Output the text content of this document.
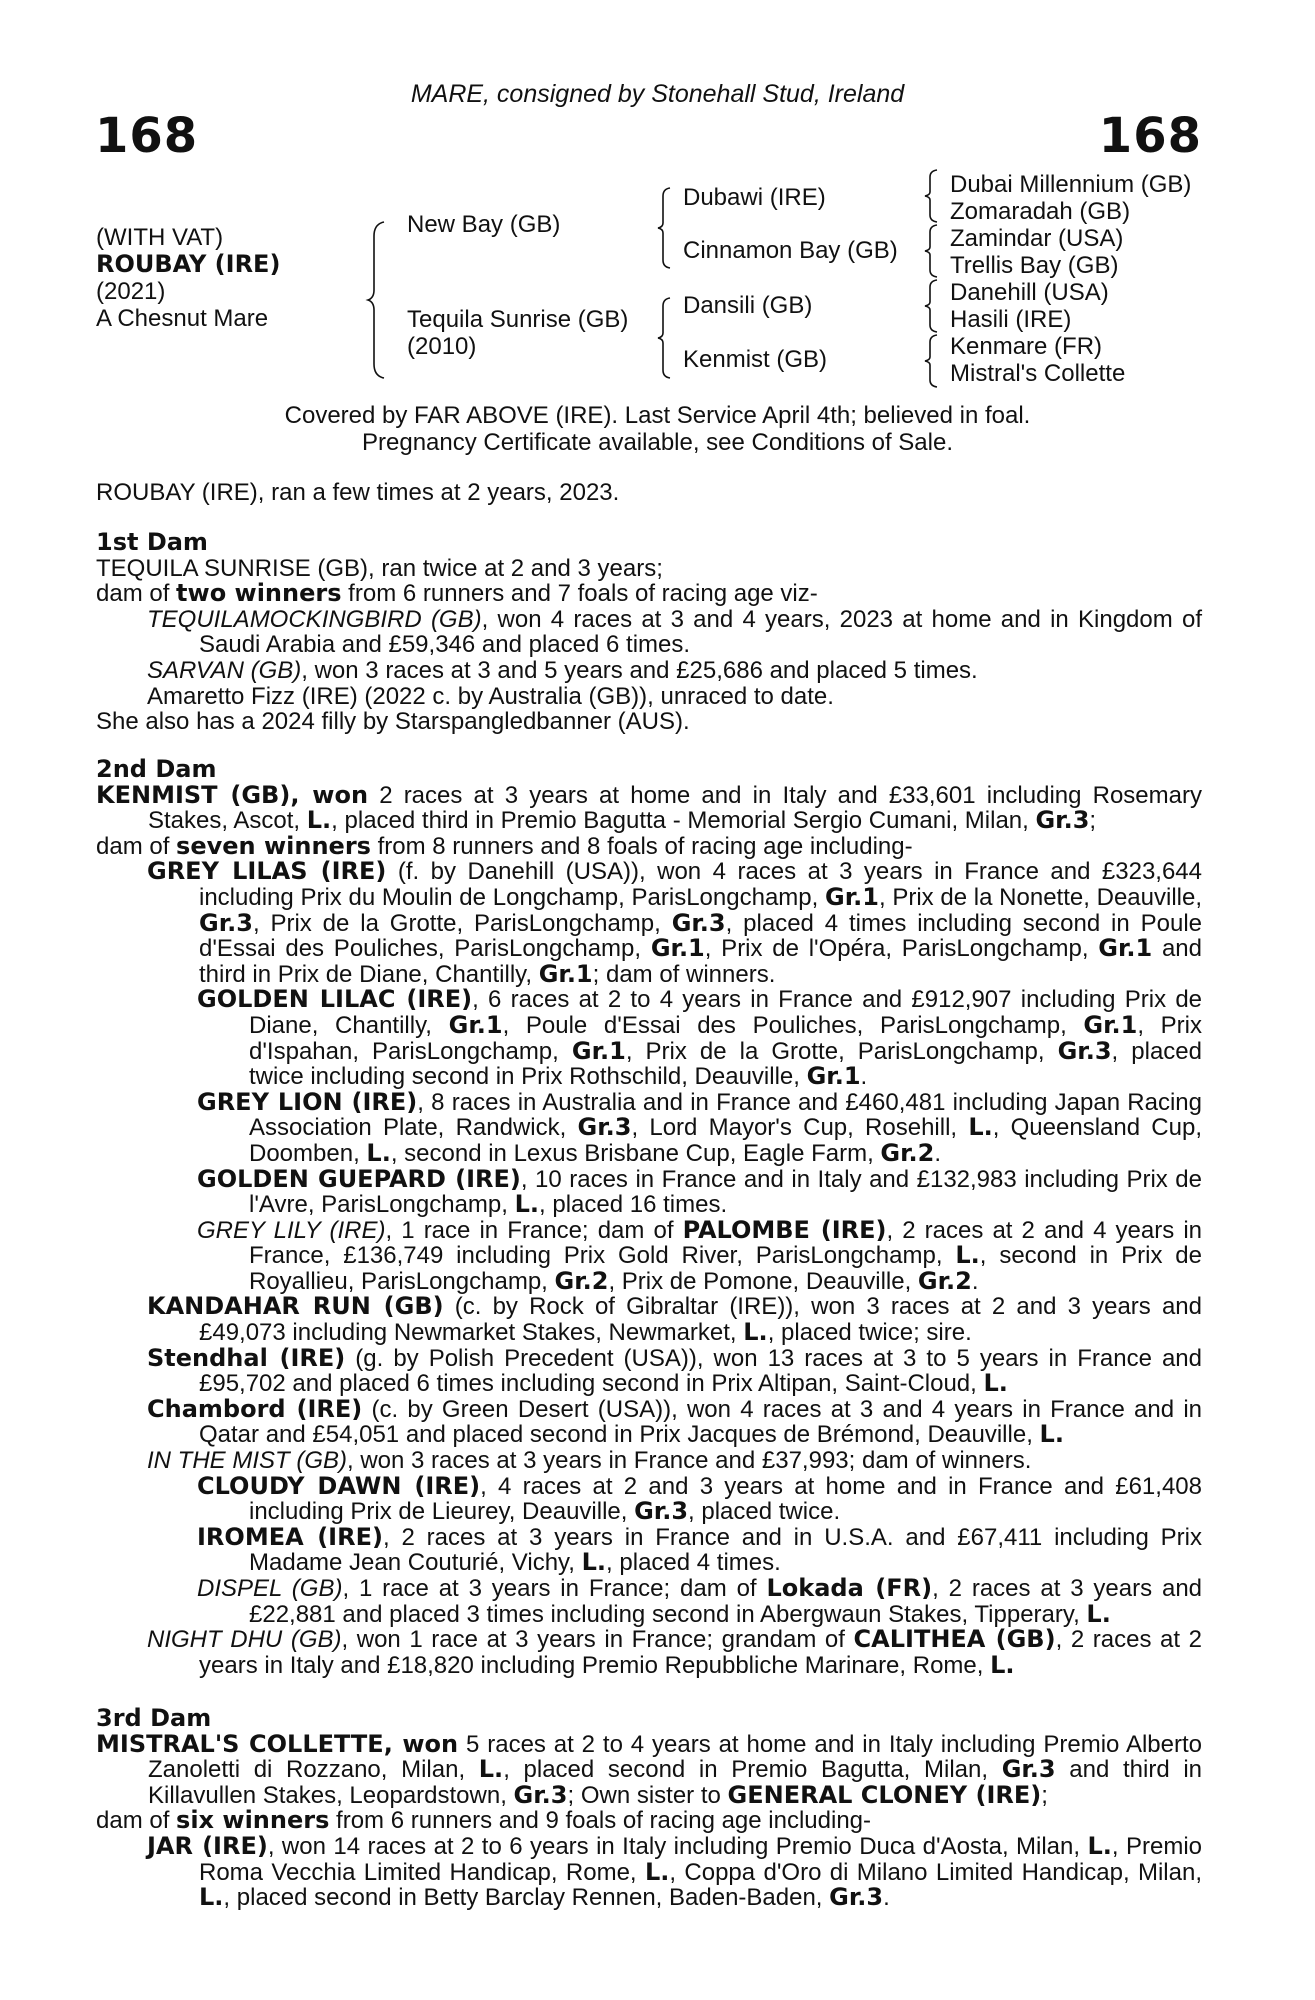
MARE, consigned by Stonehall Stud, Ireland
168	168
(WITH VAT)
ROUBAY (IRE)
(2021)
A Chesnut Mare
New Bay (GB)
Tequila Sunrise (GB)
(2010)
Dubawi (IRE)
Cinnamon Bay (GB)
Dansili (GB)
Kenmist (GB)
Dubai Millennium (GB)
Zomaradah (GB)
Zamindar (USA)
Trellis Bay (GB)
Danehill (USA)
Hasili (IRE)
Kenmare (FR)
Mistral's Collette
Covered by FAR ABOVE (IRE). Last Service April 4th; believed in foal.
Pregnancy Certificate available, see Conditions of Sale.

ROUBAY (IRE), ran a few times at 2 years, 2023.

1st Dam

TEQUILA SUNRISE (GB), ran twice at 2 and 3 years;

dam of two winners from 6 runners and 7 foals of racing age viz-

TEQUILAMOCKINGBIRD (GB), won 4 races at 3 and 4 years, 2023 at home and in Kingdom of Saudi Arabia and £59,346 and placed 6 times.

SARVAN (GB), won 3 races at 3 and 5 years and £25,686 and placed 5 times.

Amaretto Fizz (IRE) (2022 c. by Australia (GB)), unraced to date.

She also has a 2024 filly by Starspangledbanner (AUS).

2nd Dam

KENMIST (GB), won 2 races at 3 years at home and in Italy and £33,601 including Rosemary Stakes, Ascot, L., placed third in Premio Bagutta - Memorial Sergio Cumani, Milan, Gr.3;

dam of seven winners from 8 runners and 8 foals of racing age including-

GREY LILAS (IRE) (f. by Danehill (USA)), won 4 races at 3 years in France and £323,644 including Prix du Moulin de Longchamp, ParisLongchamp, Gr.1, Prix de la Nonette, Deauville, Gr.3, Prix de la Grotte, ParisLongchamp, Gr.3, placed 4 times including second in Poule d'Essai des Pouliches, ParisLongchamp, Gr.1, Prix de l'Opéra, ParisLongchamp, Gr.1 and third in Prix de Diane, Chantilly, Gr.1; dam of winners.

GOLDEN LILAC (IRE), 6 races at 2 to 4 years in France and £912,907 including Prix de Diane, Chantilly, Gr.1, Poule d'Essai des Pouliches, ParisLongchamp, Gr.1, Prix d'Ispahan, ParisLongchamp, Gr.1, Prix de la Grotte, ParisLongchamp, Gr.3, placed twice including second in Prix Rothschild, Deauville, Gr.1.

GREY LION (IRE), 8 races in Australia and in France and £460,481 including Japan Racing Association Plate, Randwick, Gr.3, Lord Mayor's Cup, Rosehill, L., Queensland Cup, Doomben, L., second in Lexus Brisbane Cup, Eagle Farm, Gr.2.

GOLDEN GUEPARD (IRE), 10 races in France and in Italy and £132,983 including Prix de l'Avre, ParisLongchamp, L., placed 16 times.

GREY LILY (IRE), 1 race in France; dam of PALOMBE (IRE), 2 races at 2 and 4 years in France, £136,749 including Prix Gold River, ParisLongchamp, L., second in Prix de Royallieu, ParisLongchamp, Gr.2, Prix de Pomone, Deauville, Gr.2.

KANDAHAR RUN (GB) (c. by Rock of Gibraltar (IRE)), won 3 races at 2 and 3 years and £49,073 including Newmarket Stakes, Newmarket, L., placed twice; sire.

Stendhal (IRE) (g. by Polish Precedent (USA)), won 13 races at 3 to 5 years in France and £95,702 and placed 6 times including second in Prix Altipan, Saint-Cloud, L.

Chambord (IRE) (c. by Green Desert (USA)), won 4 races at 3 and 4 years in France and in Qatar and £54,051 and placed second in Prix Jacques de Brémond, Deauville, L.

IN THE MIST (GB), won 3 races at 3 years in France and £37,993; dam of winners.

CLOUDY DAWN (IRE), 4 races at 2 and 3 years at home and in France and £61,408 including Prix de Lieurey, Deauville, Gr.3, placed twice.

IROMEA (IRE), 2 races at 3 years in France and in U.S.A. and £67,411 including Prix Madame Jean Couturié, Vichy, L., placed 4 times.

DISPEL (GB), 1 race at 3 years in France; dam of Lokada (FR), 2 races at 3 years and £22,881 and placed 3 times including second in Abergwaun Stakes, Tipperary, L.

NIGHT DHU (GB), won 1 race at 3 years in France; grandam of CALITHEA (GB), 2 races at 2 years in Italy and £18,820 including Premio Repubbliche Marinare, Rome, L.

3rd Dam

MISTRAL'S COLLETTE, won 5 races at 2 to 4 years at home and in Italy including Premio Alberto Zanoletti di Rozzano, Milan, L., placed second in Premio Bagutta, Milan, Gr.3 and third in Killavullen Stakes, Leopardstown, Gr.3; Own sister to GENERAL CLONEY (IRE);

dam of six winners from 6 runners and 9 foals of racing age including-

JAR (IRE), won 14 races at 2 to 6 years in Italy including Premio Duca d'Aosta, Milan, L., Premio Roma Vecchia Limited Handicap, Rome, L., Coppa d'Oro di Milano Limited Handicap, Milan, L., placed second in Betty Barclay Rennen, Baden-Baden, Gr.3.
